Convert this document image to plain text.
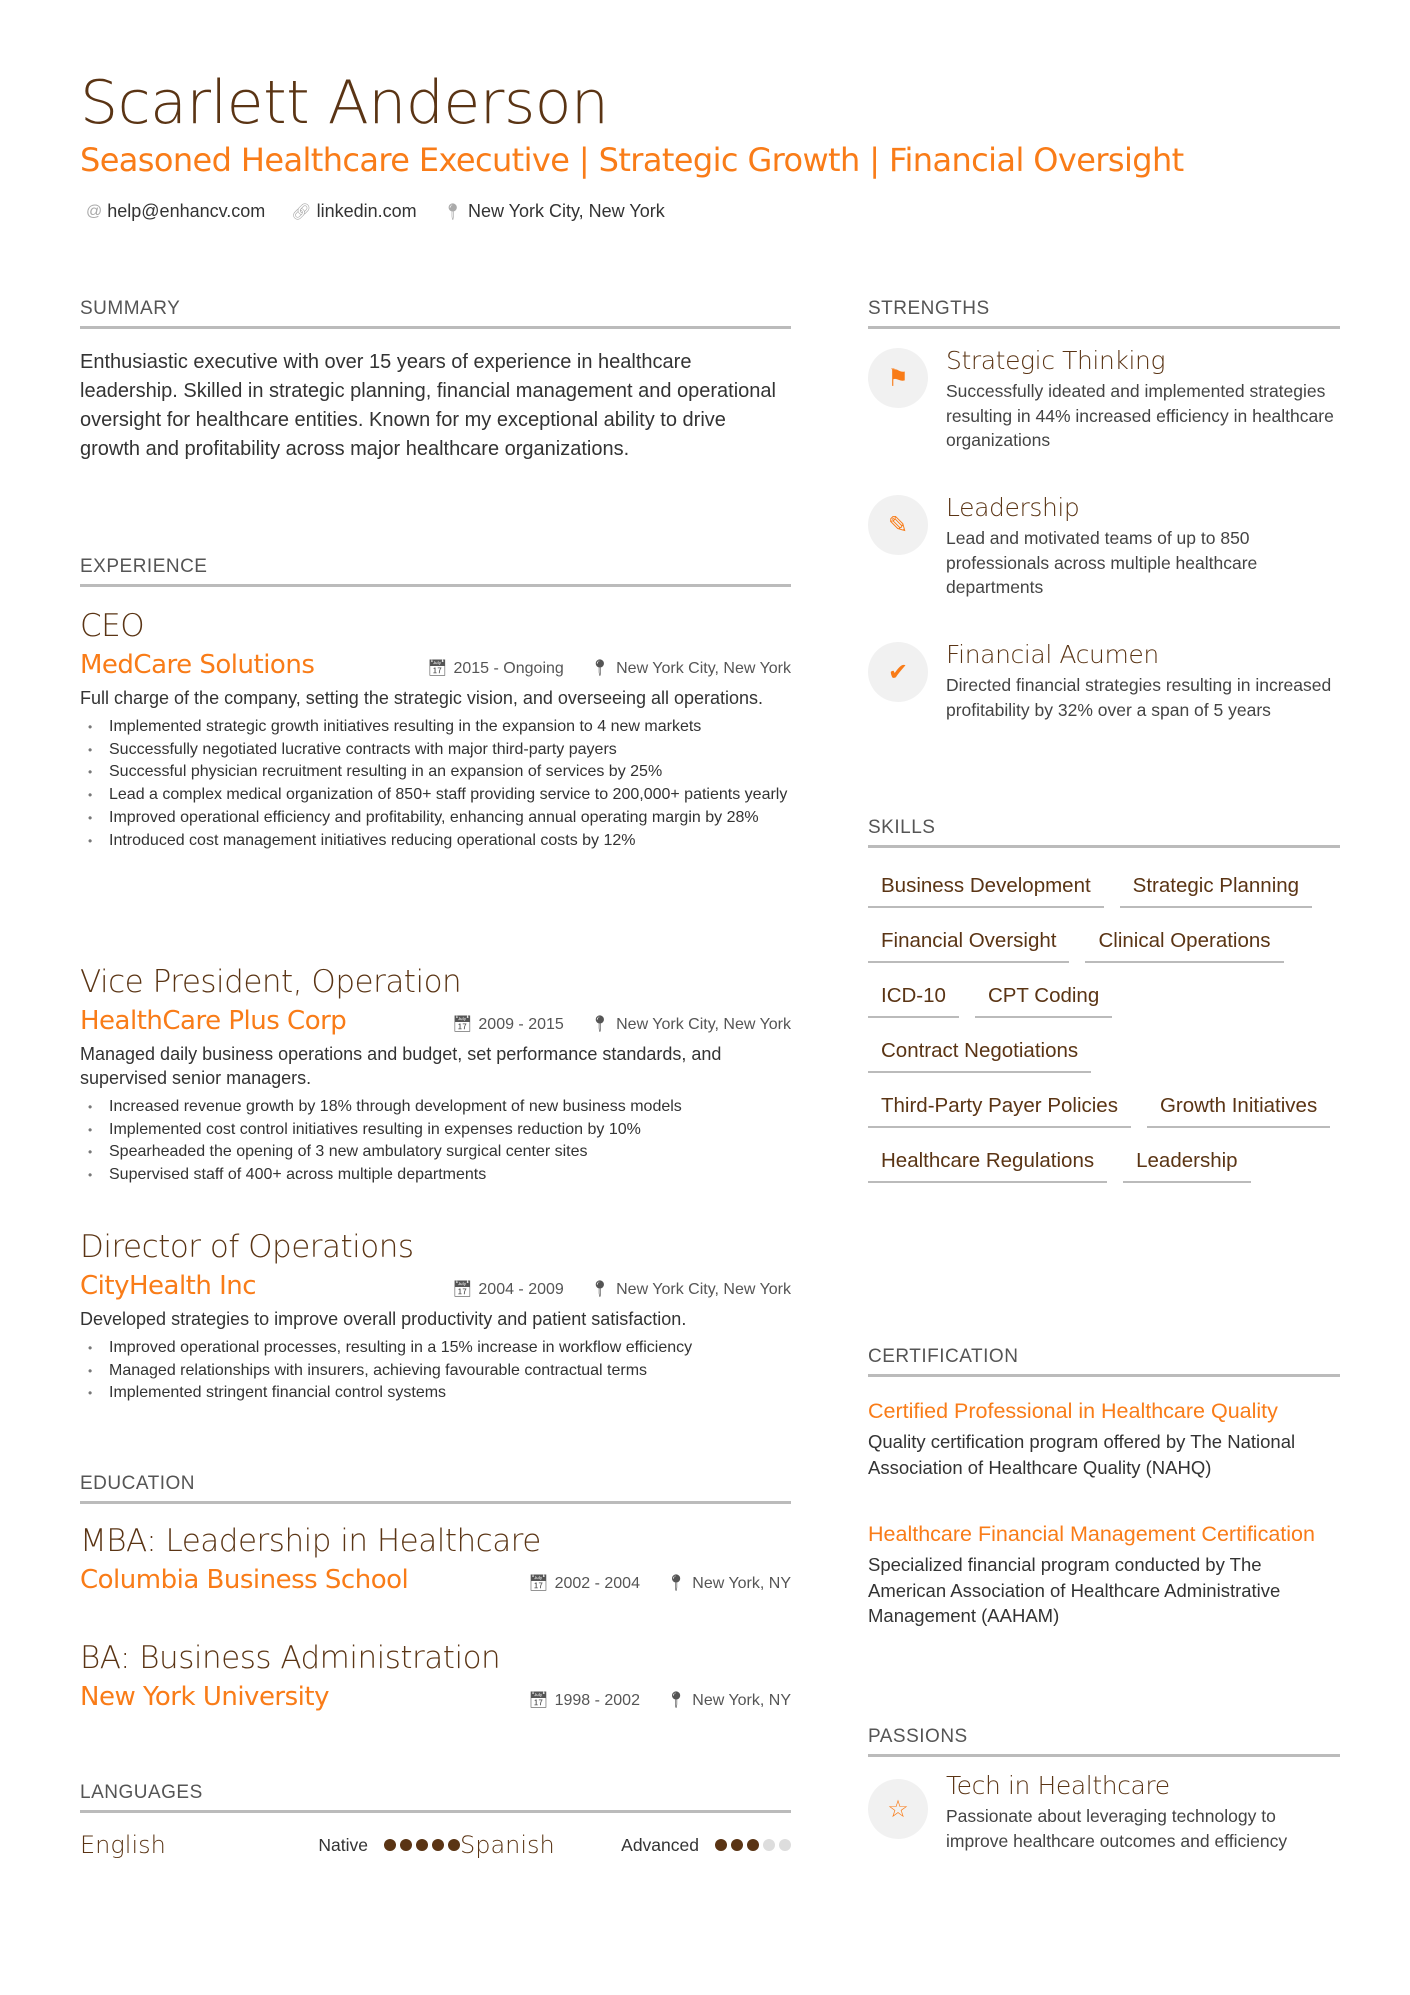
Scarlett Anderson
Seasoned Healthcare Executive | Strategic Growth | Financial Oversight
@ help@enhancv.com 🔗︎ linkedin.com 📍︎ New York City, New York
SUMMARY
Enthusiastic executive with over 15 years of experience in healthcare leadership. Skilled in strategic planning, financial management and operational oversight for healthcare entities. Known for my exceptional ability to drive growth and profitability across major healthcare organizations.
EXPERIENCE
CEO
MedCare Solutions	📅︎ 2015 - Ongoing 📍︎ New York City, New York
Full charge of the company, setting the strategic vision, and overseeing all operations.
• Implemented strategic growth initiatives resulting in the expansion to 4 new markets
• Successfully negotiated lucrative contracts with major third-party payers
• Successful physician recruitment resulting in an expansion of services by 25%
• Lead a complex medical organization of 850+ staff providing service to 200,000+ patients yearly
• Improved operational efficiency and profitability, enhancing annual operating margin by 28%
• Introduced cost management initiatives reducing operational costs by 12%
Vice President, Operation
HealthCare Plus Corp	📅︎ 2009 - 2015 📍︎ New York City, New York
Managed daily business operations and budget, set performance standards, and supervised senior managers.
• Increased revenue growth by 18% through development of new business models
• Implemented cost control initiatives resulting in expenses reduction by 10%
• Spearheaded the opening of 3 new ambulatory surgical center sites
• Supervised staff of 400+ across multiple departments
Director of Operations
CityHealth Inc	📅︎ 2004 - 2009 📍︎ New York City, New York
Developed strategies to improve overall productivity and patient satisfaction.
• Improved operational processes, resulting in a 15% increase in workflow efficiency
• Managed relationships with insurers, achieving favourable contractual terms
• Implemented stringent financial control systems
EDUCATION
MBA: Leadership in Healthcare
Columbia Business School	📅︎ 2002 - 2004 📍︎ New York, NY
BA: Business Administration
New York University	📅︎ 1998 - 2002 📍︎ New York, NY
LANGUAGES
English	Native	Spanish	Advanced
STRENGTHS
⚑
Strategic Thinking
Successfully ideated and implemented strategies resulting in 44% increased efficiency in healthcare organizations
✎
Leadership
Lead and motivated teams of up to 850 professionals across multiple healthcare departments
✔
Financial Acumen
Directed financial strategies resulting in increased profitability by 32% over a span of 5 years
SKILLS
Business Development	Strategic Planning
Financial Oversight	Clinical Operations
ICD-10	CPT Coding
Contract Negotiations
Third-Party Payer Policies	Growth Initiatives
Healthcare Regulations	Leadership
CERTIFICATION
Certified Professional in Healthcare Quality
Quality certification program offered by The National Association of Healthcare Quality (NAHQ)
Healthcare Financial Management Certification
Specialized financial program conducted by The American Association of Healthcare Administrative Management (AAHAM)
PASSIONS
☆
Tech in Healthcare
Passionate about leveraging technology to improve healthcare outcomes and efficiency
